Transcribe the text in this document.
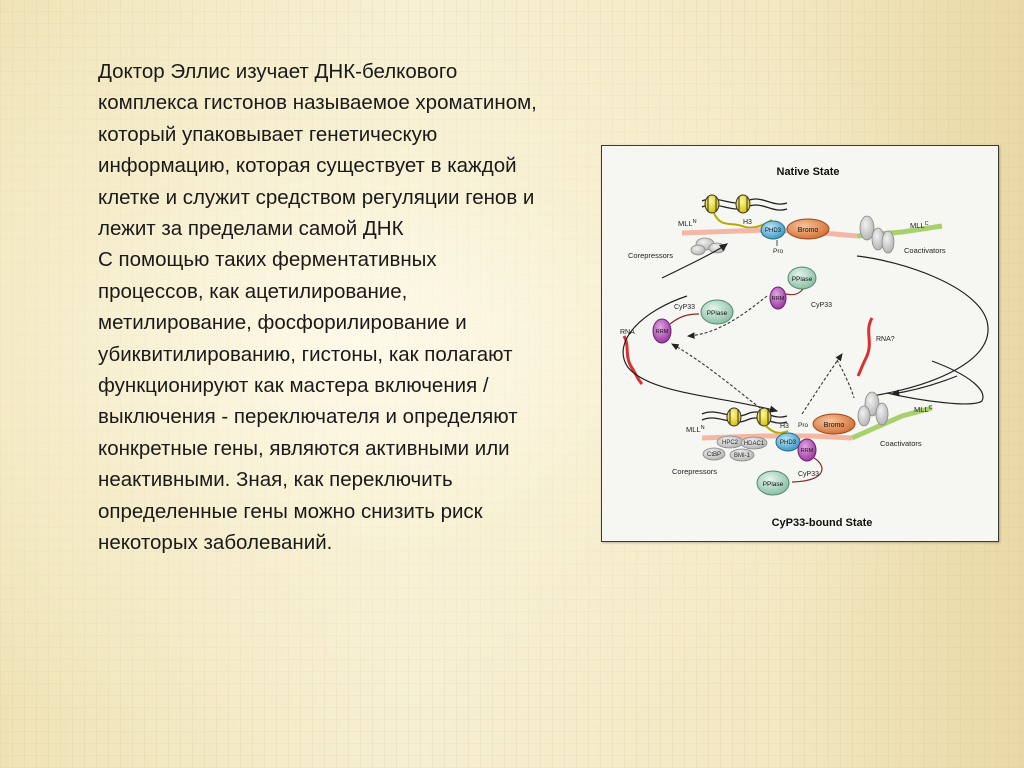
Доктор Эллис изучает ДНК-белкового комплекса гистонов называемое хроматином, который упаковывает генетическую информацию, которая существует в каждой клетке и служит средством регуляции генов и лежит за пределами самой ДНК

С помощью таких ферментативных процессов, как ацетилирование, метилирование, фосфорилирование и убиквитилированию, гистоны, как полагают функционируют как мастера включения / выключения - переключателя и определяют конкретные гены, являются активными или неактивными. Зная, как переключить определенные гены можно снизить риск некоторых заболеваний.

Native State
CyP33-bound State
H3
$MLL^N$	$MLL^C$
Corepressors
PHD3 Bromo
Pro	Coactivators
PPlase
RRM
CyP33
RNA	RRM
PPlase
CyP33
RNA?
H3 Pro
$MLL^N$
$MLL^C$
HPC2 HDAC1
CtBP BMI-1
Corepressors
PHD3
Bromo
RRM
Coactivators
CyP33
PPlase
